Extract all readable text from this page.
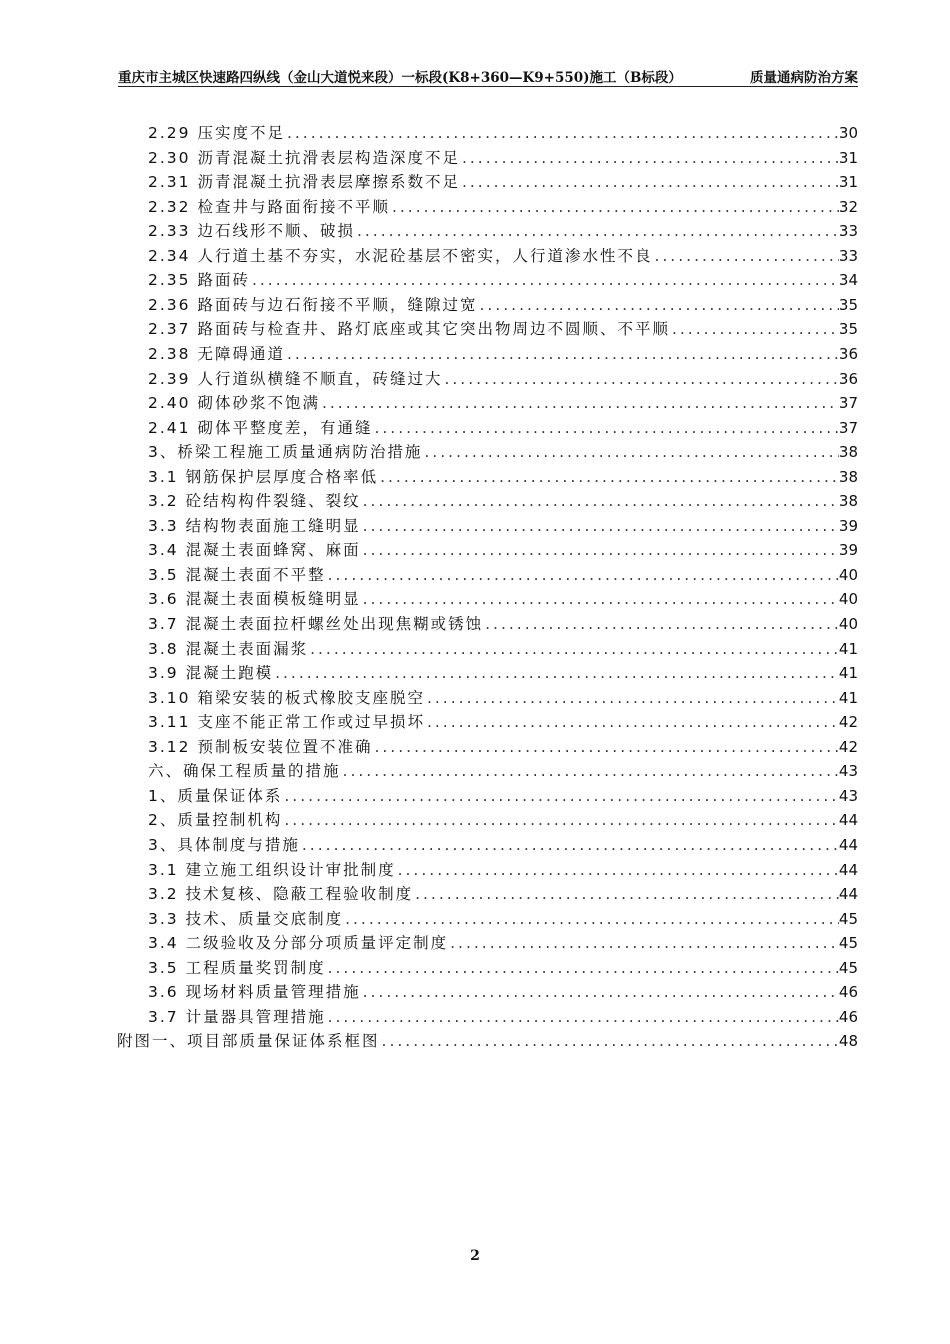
重庆市主城区快速路四纵线（金山大道悦来段）一标段(K8+360—K9+550)施工（B标段）	质量通病防治方案
2.29 压实度不足 .....	30
2.30 沥青混凝土抗滑表层构造深度不足 .....	31
2.31 沥青混凝土抗滑表层摩擦系数不足 .....	31
2.32 检查井与路面衔接不平顺 .....	32
2.33 边石线形不顺、破损 .....	33
2.34 人行道土基不夯实，水泥砼基层不密实，人行道渗水性不良 .....	33
2.35 路面砖 .....	34
2.36 路面砖与边石衔接不平顺，缝隙过宽 .....	35
2.37 路面砖与检查井、路灯底座或其它突出物周边不圆顺、不平顺 .....	35
2.38 无障碍通道 .....	36
2.39 人行道纵横缝不顺直，砖缝过大 .....	36
2.40 砌体砂浆不饱满 .....	37
2.41 砌体平整度差，有通缝 .....	37
3、桥梁工程施工质量通病防治措施 .....	38
3.1 钢筋保护层厚度合格率低 .....	38
3.2 砼结构构件裂缝、裂纹 .....	38
3.3 结构物表面施工缝明显 .....	39
3.4 混凝土表面蜂窝、麻面 .....	39
3.5 混凝土表面不平整 .....	40
3.6 混凝土表面模板缝明显 .....	40
3.7 混凝土表面拉杆螺丝处出现焦糊或锈蚀 .....	40
3.8 混凝土表面漏浆 .....	41
3.9 混凝土跑模 .....	41
3.10 箱梁安装的板式橡胶支座脱空 .....	41
3.11 支座不能正常工作或过早损坏 .....	42
3.12 预制板安装位置不准确 .....	42
六、确保工程质量的措施 .....	43
1、质量保证体系 .....	43
2、质量控制机构 .....	44
3、具体制度与措施 .....	44
3.1 建立施工组织设计审批制度 .....	44
3.2 技术复核、隐蔽工程验收制度 .....	44
3.3 技术、质量交底制度 .....	45
3.4 二级验收及分部分项质量评定制度 .....	45
3.5 工程质量奖罚制度 .....	45
3.6 现场材料质量管理措施 .....	46
3.7 计量器具管理措施 .....	46
附图一、项目部质量保证体系框图 .....	48
2
